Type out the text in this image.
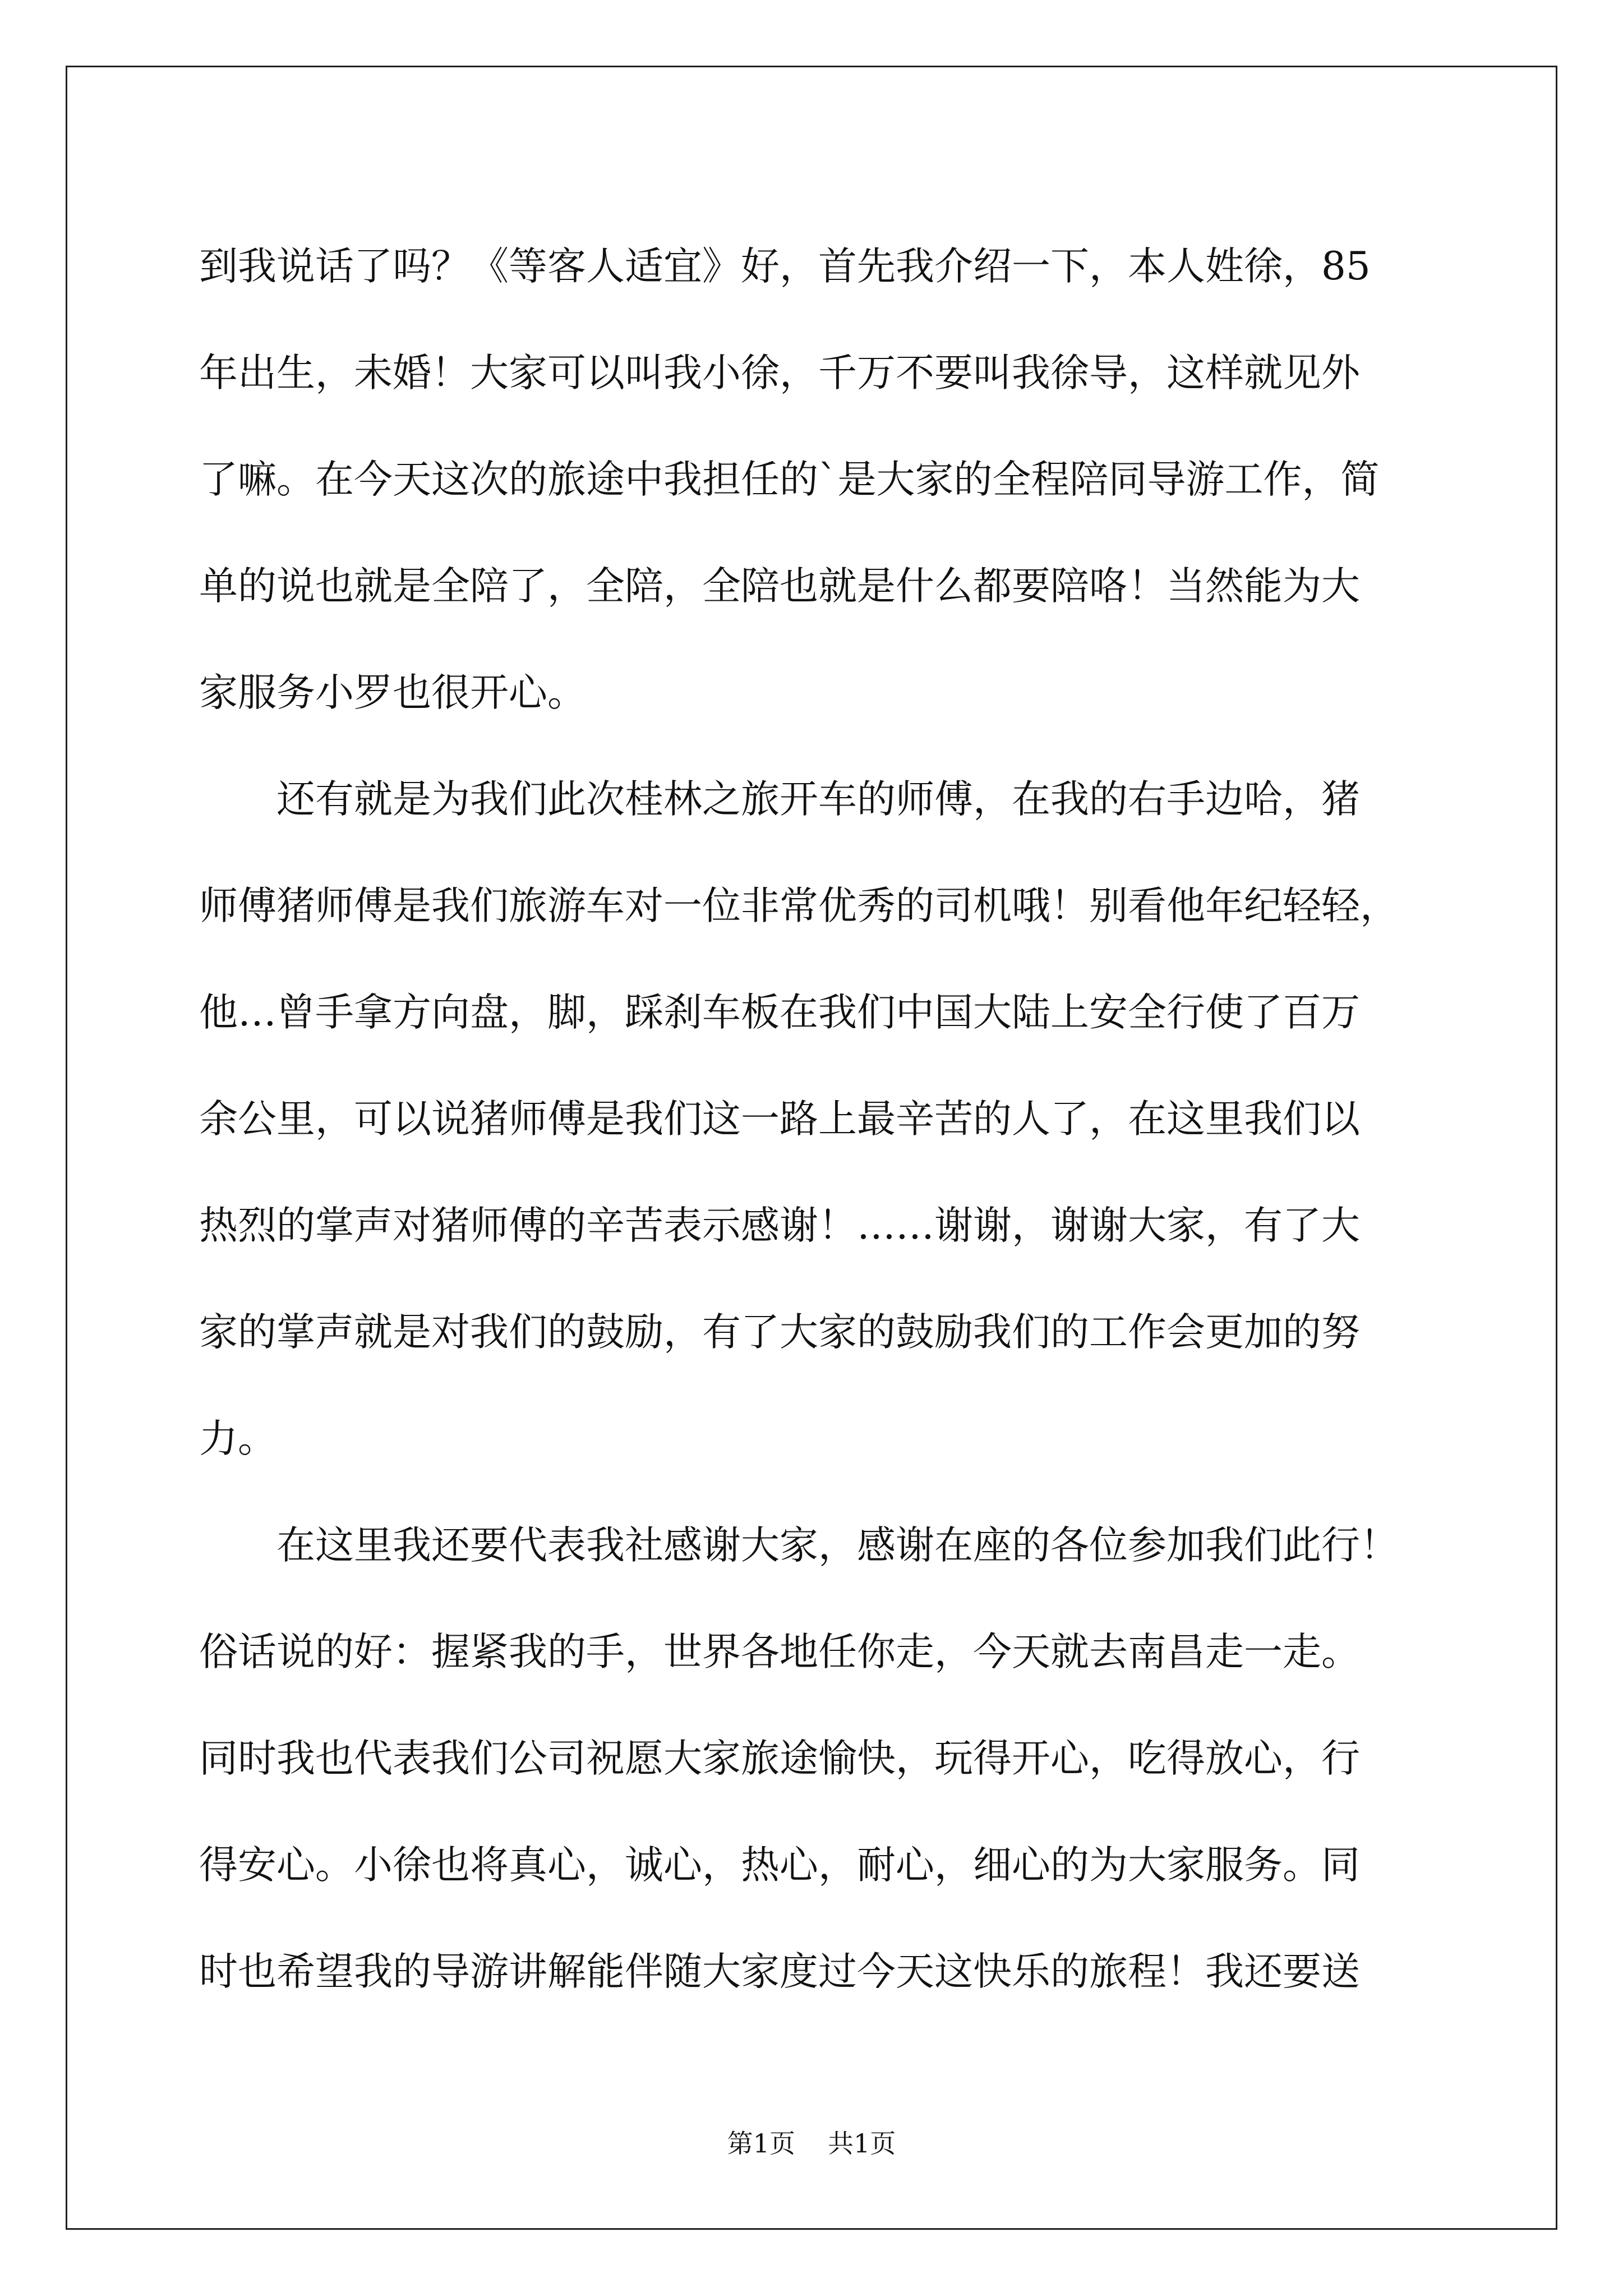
到我说话了吗？《等客人适宜》好，首先我介绍一下，本人姓徐，85
年出生，未婚！大家可以叫我小徐，千万不要叫我徐导，这样就见外
了嘛。在今天这次的旅途中我担任的`是大家的全程陪同导游工作，简
单的说也就是全陪了，全陪，全陪也就是什么都要陪咯！当然能为大
家服务小罗也很开心。
　　还有就是为我们此次桂林之旅开车的师傅，在我的右手边哈，猪
师傅猪师傅是我们旅游车对一位非常优秀的司机哦！别看他年纪轻轻，
他…曾手拿方向盘，脚，踩刹车板在我们中国大陆上安全行使了百万
余公里，可以说猪师傅是我们这一路上最辛苦的人了，在这里我们以
热烈的掌声对猪师傅的辛苦表示感谢！……谢谢，谢谢大家，有了大
家的掌声就是对我们的鼓励，有了大家的鼓励我们的工作会更加的努
力。
　　在这里我还要代表我社感谢大家，感谢在座的各位参加我们此行！
俗话说的好：握紧我的手，世界各地任你走，今天就去南昌走一走。
同时我也代表我们公司祝愿大家旅途愉快，玩得开心，吃得放心，行
得安心。小徐也将真心，诚心，热心，耐心，细心的为大家服务。同
时也希望我的导游讲解能伴随大家度过今天这快乐的旅程！我还要送
第1页 共1页
